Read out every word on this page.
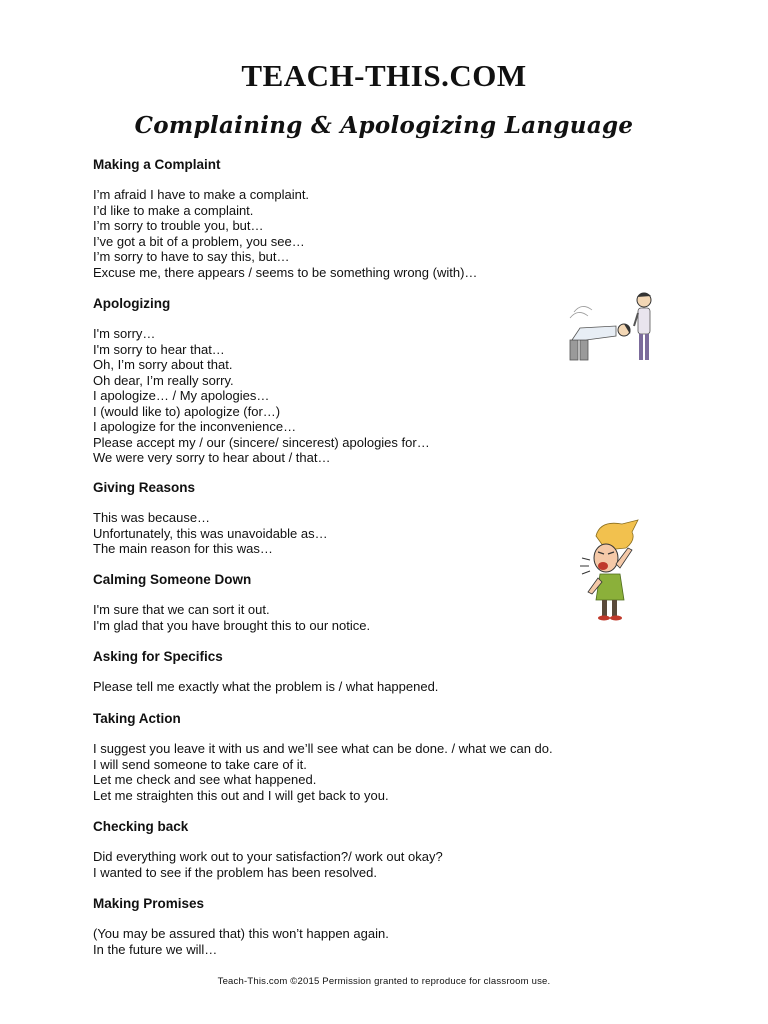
TEACH-THIS.COM
Complaining & Apologizing Language
Making a Complaint
I’m afraid I have to make a complaint.
I’d like to make a complaint.
I’m sorry to trouble you, but…
I’ve got a bit of a problem, you see…
I’m sorry to have to say this, but…
Excuse me, there appears / seems to be something wrong (with)…
Apologizing
I'm sorry…
I'm sorry to hear that…
Oh, I’m sorry about that.
Oh dear, I’m really sorry.
I apologize… / My apologies…
I (would like to) apologize (for…)
I apologize for the inconvenience…
Please accept my / our (sincere/ sincerest) apologies for…
We were very sorry to hear about / that…
Giving Reasons
This was because…
Unfortunately, this was unavoidable as…
The main reason for this was…
Calming Someone Down
I'm sure that we can sort it out.
I'm glad that you have brought this to our notice.
Asking for Specifics
Please tell me exactly what the problem is / what happened.
Taking Action
I suggest you leave it with us and we’ll see what can be done. / what we can do.
I will send someone to take care of it.
Let me check and see what happened.
Let me straighten this out and I will get back to you.
Checking back
Did everything work out to your satisfaction?/ work out okay?
I wanted to see if the problem has been resolved.
Making Promises
(You may be assured that) this won’t happen again.
In the future we will…
Teach-This.com ©2015 Permission granted to reproduce for classroom use.
